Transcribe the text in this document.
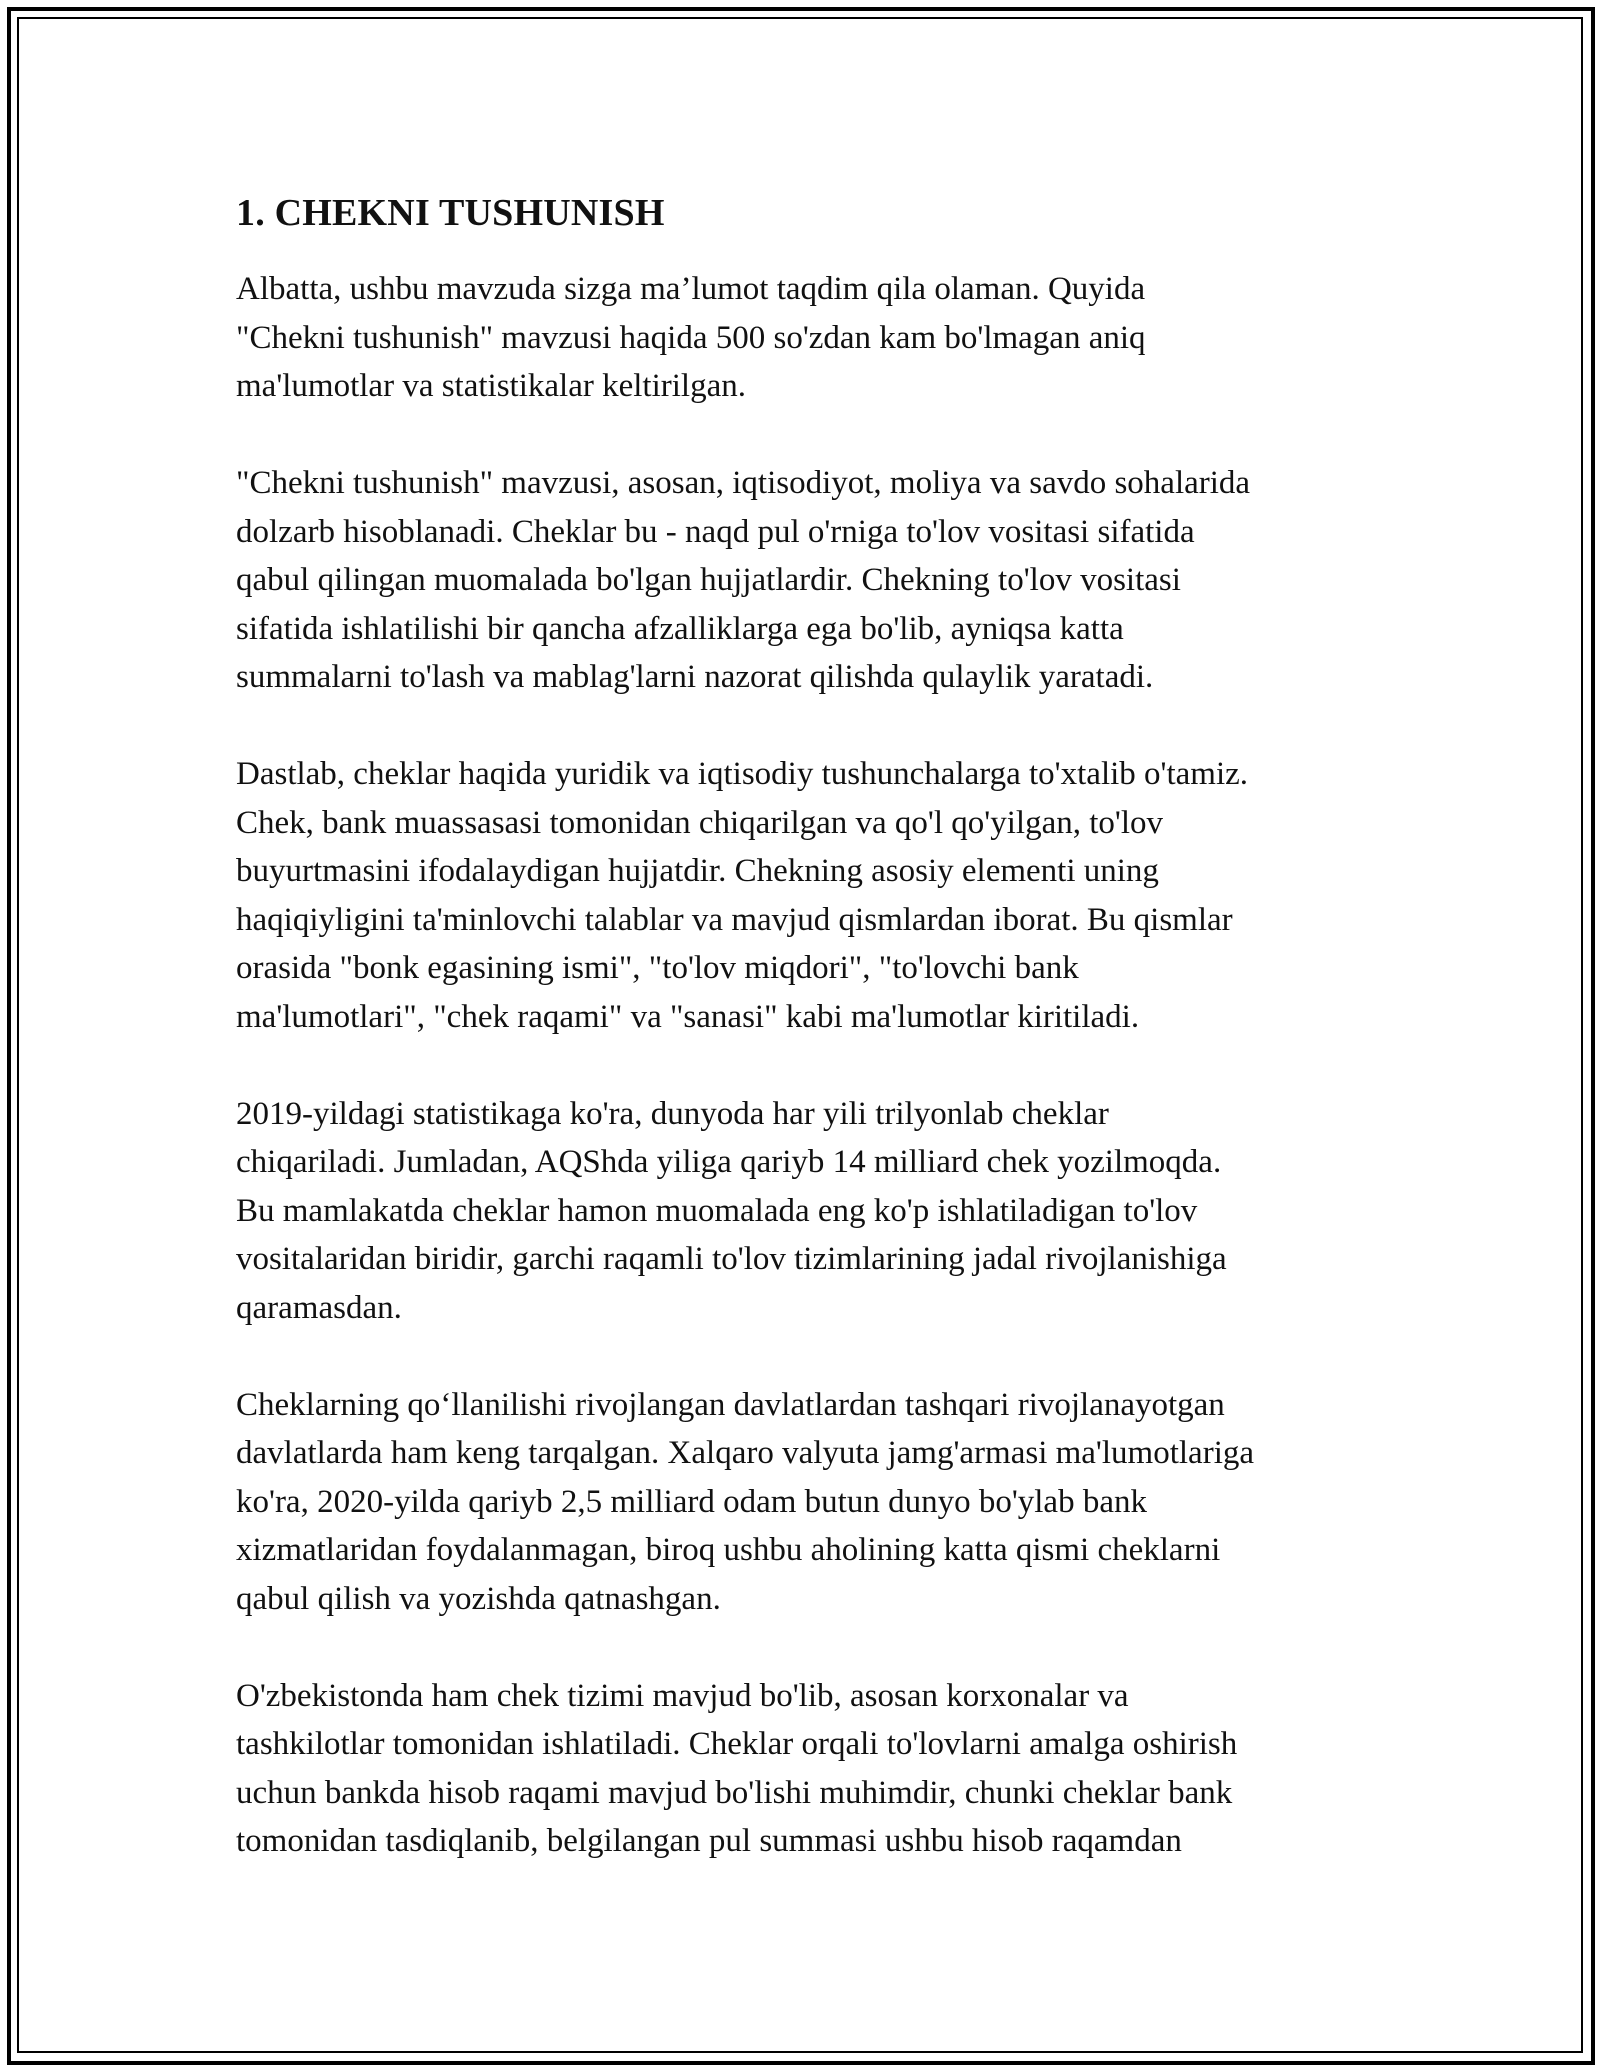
1. CHEKNI TUSHUNISH

Albatta, ushbu mavzuda sizga ma’lumot taqdim qila olaman. Quyida
"Chekni tushunish" mavzusi haqida 500 so'zdan kam bo'lmagan aniq
ma'lumotlar va statistikalar keltirilgan.

"Chekni tushunish" mavzusi, asosan, iqtisodiyot, moliya va savdo sohalarida
dolzarb hisoblanadi. Cheklar bu - naqd pul o'rniga to'lov vositasi sifatida
qabul qilingan muomalada bo'lgan hujjatlardir. Chekning to'lov vositasi
sifatida ishlatilishi bir qancha afzalliklarga ega bo'lib, ayniqsa katta
summalarni to'lash va mablag'larni nazorat qilishda qulaylik yaratadi.

Dastlab, cheklar haqida yuridik va iqtisodiy tushunchalarga to'xtalib o'tamiz.
Chek, bank muassasasi tomonidan chiqarilgan va qo'l qo'yilgan, to'lov
buyurtmasini ifodalaydigan hujjatdir. Chekning asosiy elementi uning
haqiqiyligini ta'minlovchi talablar va mavjud qismlardan iborat. Bu qismlar
orasida "bonk egasining ismi", "to'lov miqdori", "to'lovchi bank
ma'lumotlari", "chek raqami" va "sanasi" kabi ma'lumotlar kiritiladi.

2019-yildagi statistikaga ko'ra, dunyoda har yili trilyonlab cheklar
chiqariladi. Jumladan, AQShda yiliga qariyb 14 milliard chek yozilmoqda.
Bu mamlakatda cheklar hamon muomalada eng ko'p ishlatiladigan to'lov
vositalaridan biridir, garchi raqamli to'lov tizimlarining jadal rivojlanishiga
qaramasdan.

Cheklarning qo‘llanilishi rivojlangan davlatlardan tashqari rivojlanayotgan
davlatlarda ham keng tarqalgan. Xalqaro valyuta jamg'armasi ma'lumotlariga
ko'ra, 2020-yilda qariyb 2,5 milliard odam butun dunyo bo'ylab bank
xizmatlaridan foydalanmagan, biroq ushbu aholining katta qismi cheklarni
qabul qilish va yozishda qatnashgan.

O'zbekistonda ham chek tizimi mavjud bo'lib, asosan korxonalar va
tashkilotlar tomonidan ishlatiladi. Cheklar orqali to'lovlarni amalga oshirish
uchun bankda hisob raqami mavjud bo'lishi muhimdir, chunki cheklar bank
tomonidan tasdiqlanib, belgilangan pul summasi ushbu hisob raqamdan
